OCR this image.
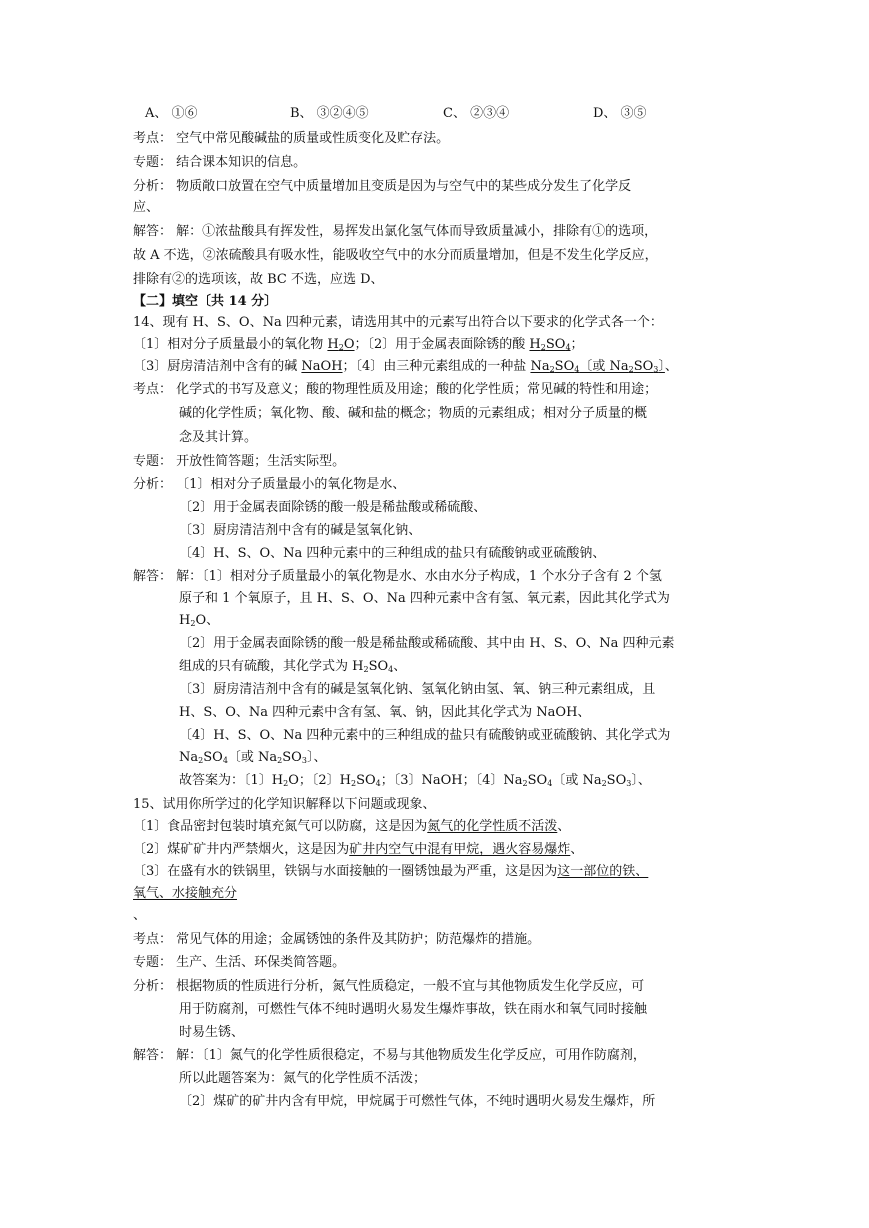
A、 ①⑥	B、 ③②④⑤	C、 ②③④	D、 ③⑤
考点： 空气中常见酸碱盐的质量或性质变化及贮存法。
专题： 结合课本知识的信息。
分析： 物质敞口放置在空气中质量增加且变质是因为与空气中的某些成分发生了化学反
应、
解答： 解：①浓盐酸具有挥发性，易挥发出氯化氢气体而导致质量减小，排除有①的选项，
故 A 不选，②浓硫酸具有吸水性，能吸收空气中的水分而质量增加，但是不发生化学反应，
排除有②的选项该，故 BC 不选，应选 D、
【二】填空〔共 14 分〕
14、现有 H、S、O、Na 四种元素，请选用其中的元素写出符合以下要求的化学式各一个：
〔1〕相对分子质量最小的氧化物 $H_2O$；〔2〕用于金属表面除锈的酸 $H_2SO_4$；
〔3〕厨房清洁剂中含有的碱 NaOH；〔4〕由三种元素组成的一种盐 $Na_2SO_4$〔或 $Na_2SO_3$〕、
考点： 化学式的书写及意义；酸的物理性质及用途；酸的化学性质；常见碱的特性和用途；
碱的化学性质；氧化物、酸、碱和盐的概念；物质的元素组成；相对分子质量的概
念及其计算。
专题： 开放性简答题；生活实际型。
分析： 〔1〕相对分子质量最小的氧化物是水、
〔2〕用于金属表面除锈的酸一般是稀盐酸或稀硫酸、
〔3〕厨房清洁剂中含有的碱是氢氧化钠、
〔4〕H、S、O、Na 四种元素中的三种组成的盐只有硫酸钠或亚硫酸钠、
解答： 解：〔1〕相对分子质量最小的氧化物是水、水由水分子构成，1 个水分子含有 2 个氢
原子和 1 个氧原子，且 H、S、O、Na 四种元素中含有氢、氧元素，因此其化学式为
$H_2O$、
〔2〕用于金属表面除锈的酸一般是稀盐酸或稀硫酸、其中由 H、S、O、Na 四种元素
组成的只有硫酸，其化学式为 $H_2SO_4$、
〔3〕厨房清洁剂中含有的碱是氢氧化钠、氢氧化钠由氢、氧、钠三种元素组成，且
H、S、O、Na 四种元素中含有氢、氧、钠，因此其化学式为 NaOH、
〔4〕H、S、O、Na 四种元素中的三种组成的盐只有硫酸钠或亚硫酸钠、其化学式为
$Na_2SO_4$〔或 $Na_2SO_3$〕、
故答案为：〔1〕$H_2O$；〔2〕$H_2SO_4$；〔3〕NaOH；〔4〕$Na_2SO_4$〔或 $Na_2SO_3$〕、
15、试用你所学过的化学知识解释以下问题或现象、
〔1〕食品密封包装时填充氮气可以防腐，这是因为氮气的化学性质不活泼、
〔2〕煤矿矿井内严禁烟火，这是因为矿井内空气中混有甲烷，遇火容易爆炸、
〔3〕在盛有水的铁锅里，铁锅与水面接触的一圈锈蚀最为严重，这是因为这一部位的铁、
氧气、水接触充分
、
考点： 常见气体的用途；金属锈蚀的条件及其防护；防范爆炸的措施。
专题： 生产、生活、环保类简答题。
分析： 根据物质的性质进行分析，氮气性质稳定，一般不宜与其他物质发生化学反应，可
用于防腐剂，可燃性气体不纯时遇明火易发生爆炸事故，铁在雨水和氧气同时接触
时易生锈、
解答： 解：〔1〕氮气的化学性质很稳定，不易与其他物质发生化学反应，可用作防腐剂，
所以此题答案为：氮气的化学性质不活泼；
〔2〕煤矿的矿井内含有甲烷，甲烷属于可燃性气体，不纯时遇明火易发生爆炸，所
